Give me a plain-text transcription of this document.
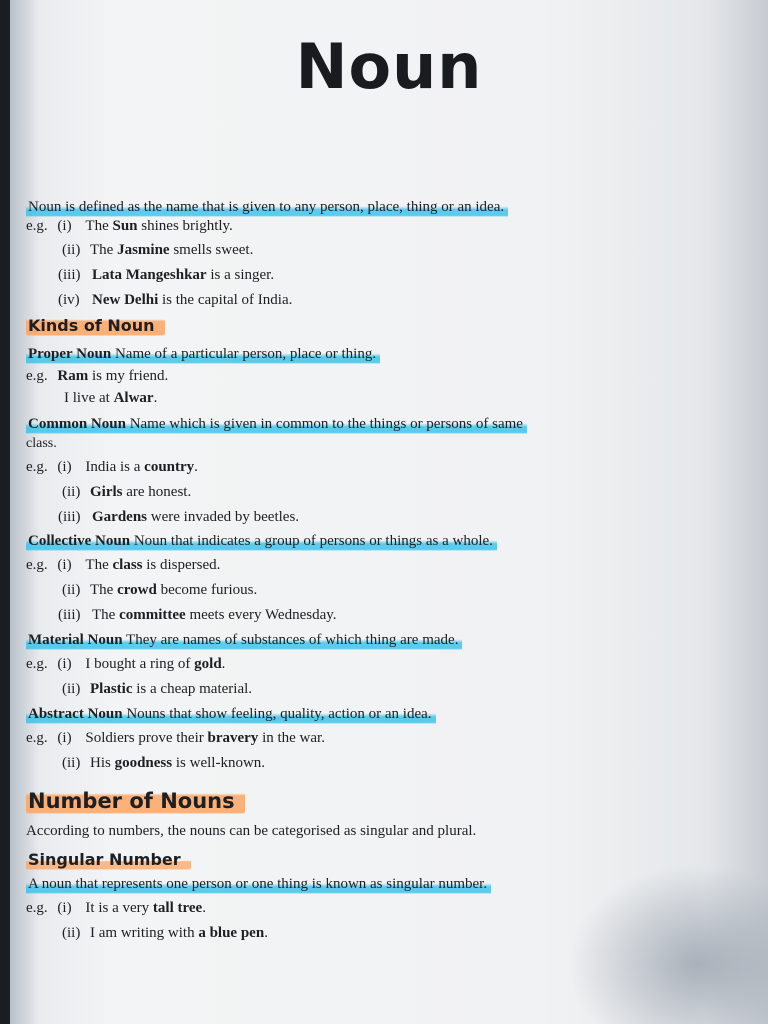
Noun
Noun is defined as the name that is given to any person, place, thing or an idea.
e.g. (i) The Sun shines brightly.
(ii) The Jasmine smells sweet.
(iii) Lata Mangeshkar is a singer.
(iv) New Delhi is the capital of India.
Kinds of Noun
Proper Noun Name of a particular person, place or thing.
e.g. Ram is my friend.
I live at Alwar.
Common Noun Name which is given in common to the things or persons of same
class.
e.g. (i) India is a country.
(ii) Girls are honest.
(iii) Gardens were invaded by beetles.
Collective Noun Noun that indicates a group of persons or things as a whole.
e.g. (i) The class is dispersed.
(ii) The crowd become furious.
(iii) The committee meets every Wednesday.
Material Noun They are names of substances of which thing are made.
e.g. (i) I bought a ring of gold.
(ii) Plastic is a cheap material.
Abstract Noun Nouns that show feeling, quality, action or an idea.
e.g. (i) Soldiers prove their bravery in the war.
(ii) His goodness is well-known.
Number of Nouns
According to numbers, the nouns can be categorised as singular and plural.
Singular Number
A noun that represents one person or one thing is known as singular number.
e.g. (i) It is a very tall tree.
(ii) I am writing with a blue pen.
